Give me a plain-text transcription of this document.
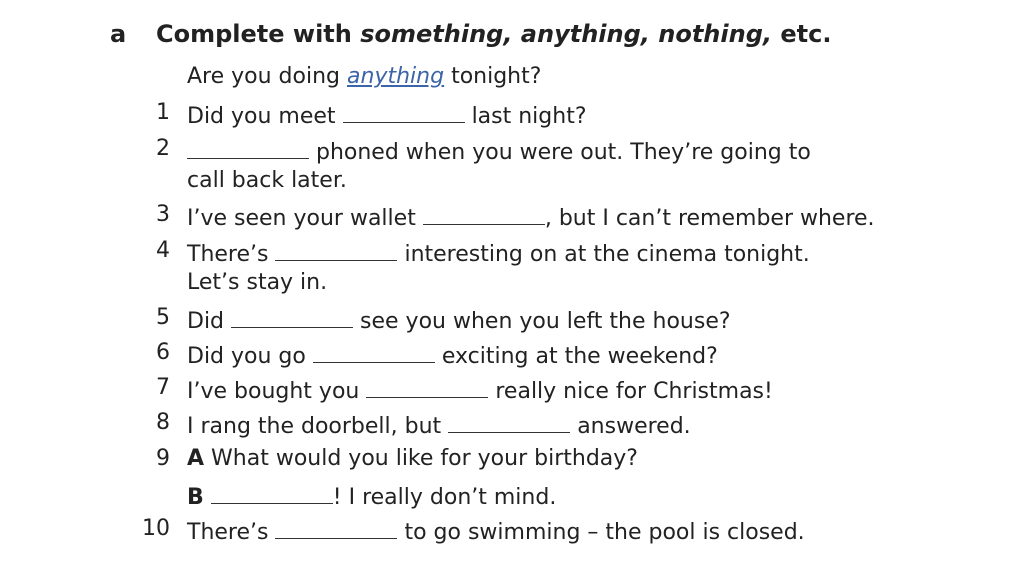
a Complete with something, anything, nothing, etc.
Are you doing anything tonight?
1 Did you meet	last night?
2	phoned when you were out. They’re going to
call back later.
3 I’ve seen your wallet	, but I can’t remember where.
4 There’s	interesting on at the cinema tonight.
Let’s stay in.
5 Did	see you when you left the house?
6 Did you go	exciting at the weekend?
7 I’ve bought you	really nice for Christmas!
8 I rang the doorbell, but	answered.
9 A What would you like for your birthday?
B	! I really don’t mind.
10 There’s	to go swimming – the pool is closed.
